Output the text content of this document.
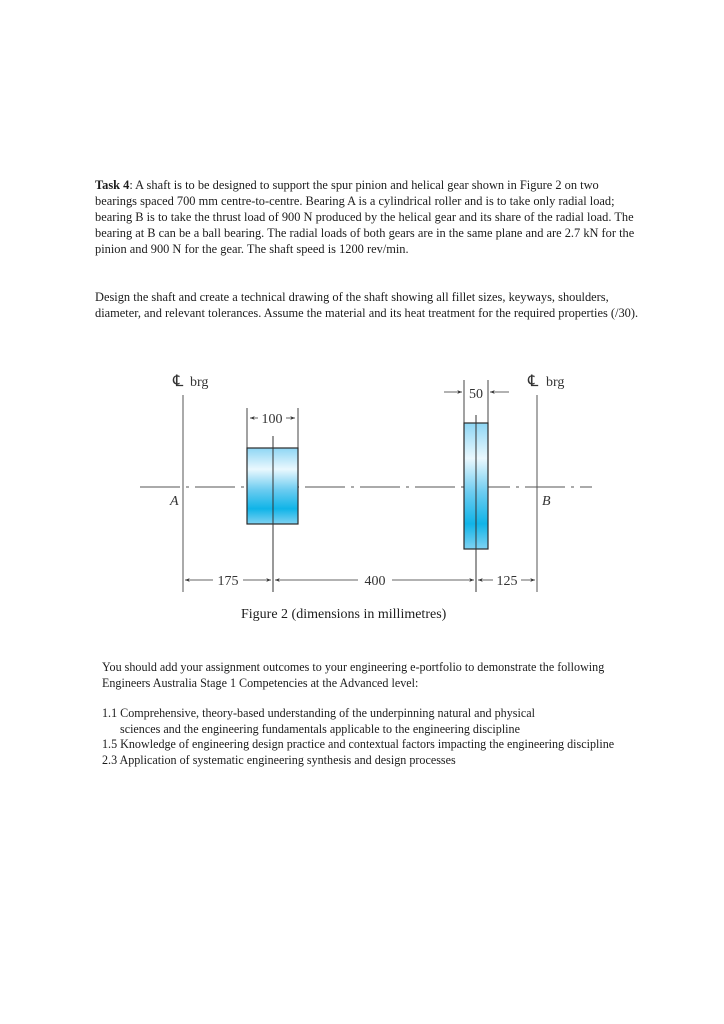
Task 4: A shaft is to be designed to support the spur pinion and helical gear shown in Figure 2 on two bearings spaced 700 mm centre-to-centre. Bearing A is a cylindrical roller and is to take only radial load; bearing B is to take the thrust load of 900 N produced by the helical gear and its share of the radial load. The bearing at B can be a ball bearing. The radial loads of both gears are in the same plane and are 2.7 kN for the pinion and 900 N for the gear. The shaft speed is 1200 rev/min.

Design the shaft and create a technical drawing of the shaft showing all fillet sizes, keyways, shoulders, diameter, and relevant tolerances. Assume the material and its heat treatment for the required properties (/30).

℄ brg
A
℄ brg
B
100
50
175	400	125
Figure 2 (dimensions in millimetres)

You should add your assignment outcomes to your engineering e-portfolio to demonstrate the following Engineers Australia Stage 1 Competencies at the Advanced level:

1.1 Comprehensive, theory-based understanding of the underpinning natural and physical
sciences and the engineering fundamentals applicable to the engineering discipline

1.5 Knowledge of engineering design practice and contextual factors impacting the engineering discipline

2.3 Application of systematic engineering synthesis and design processes
